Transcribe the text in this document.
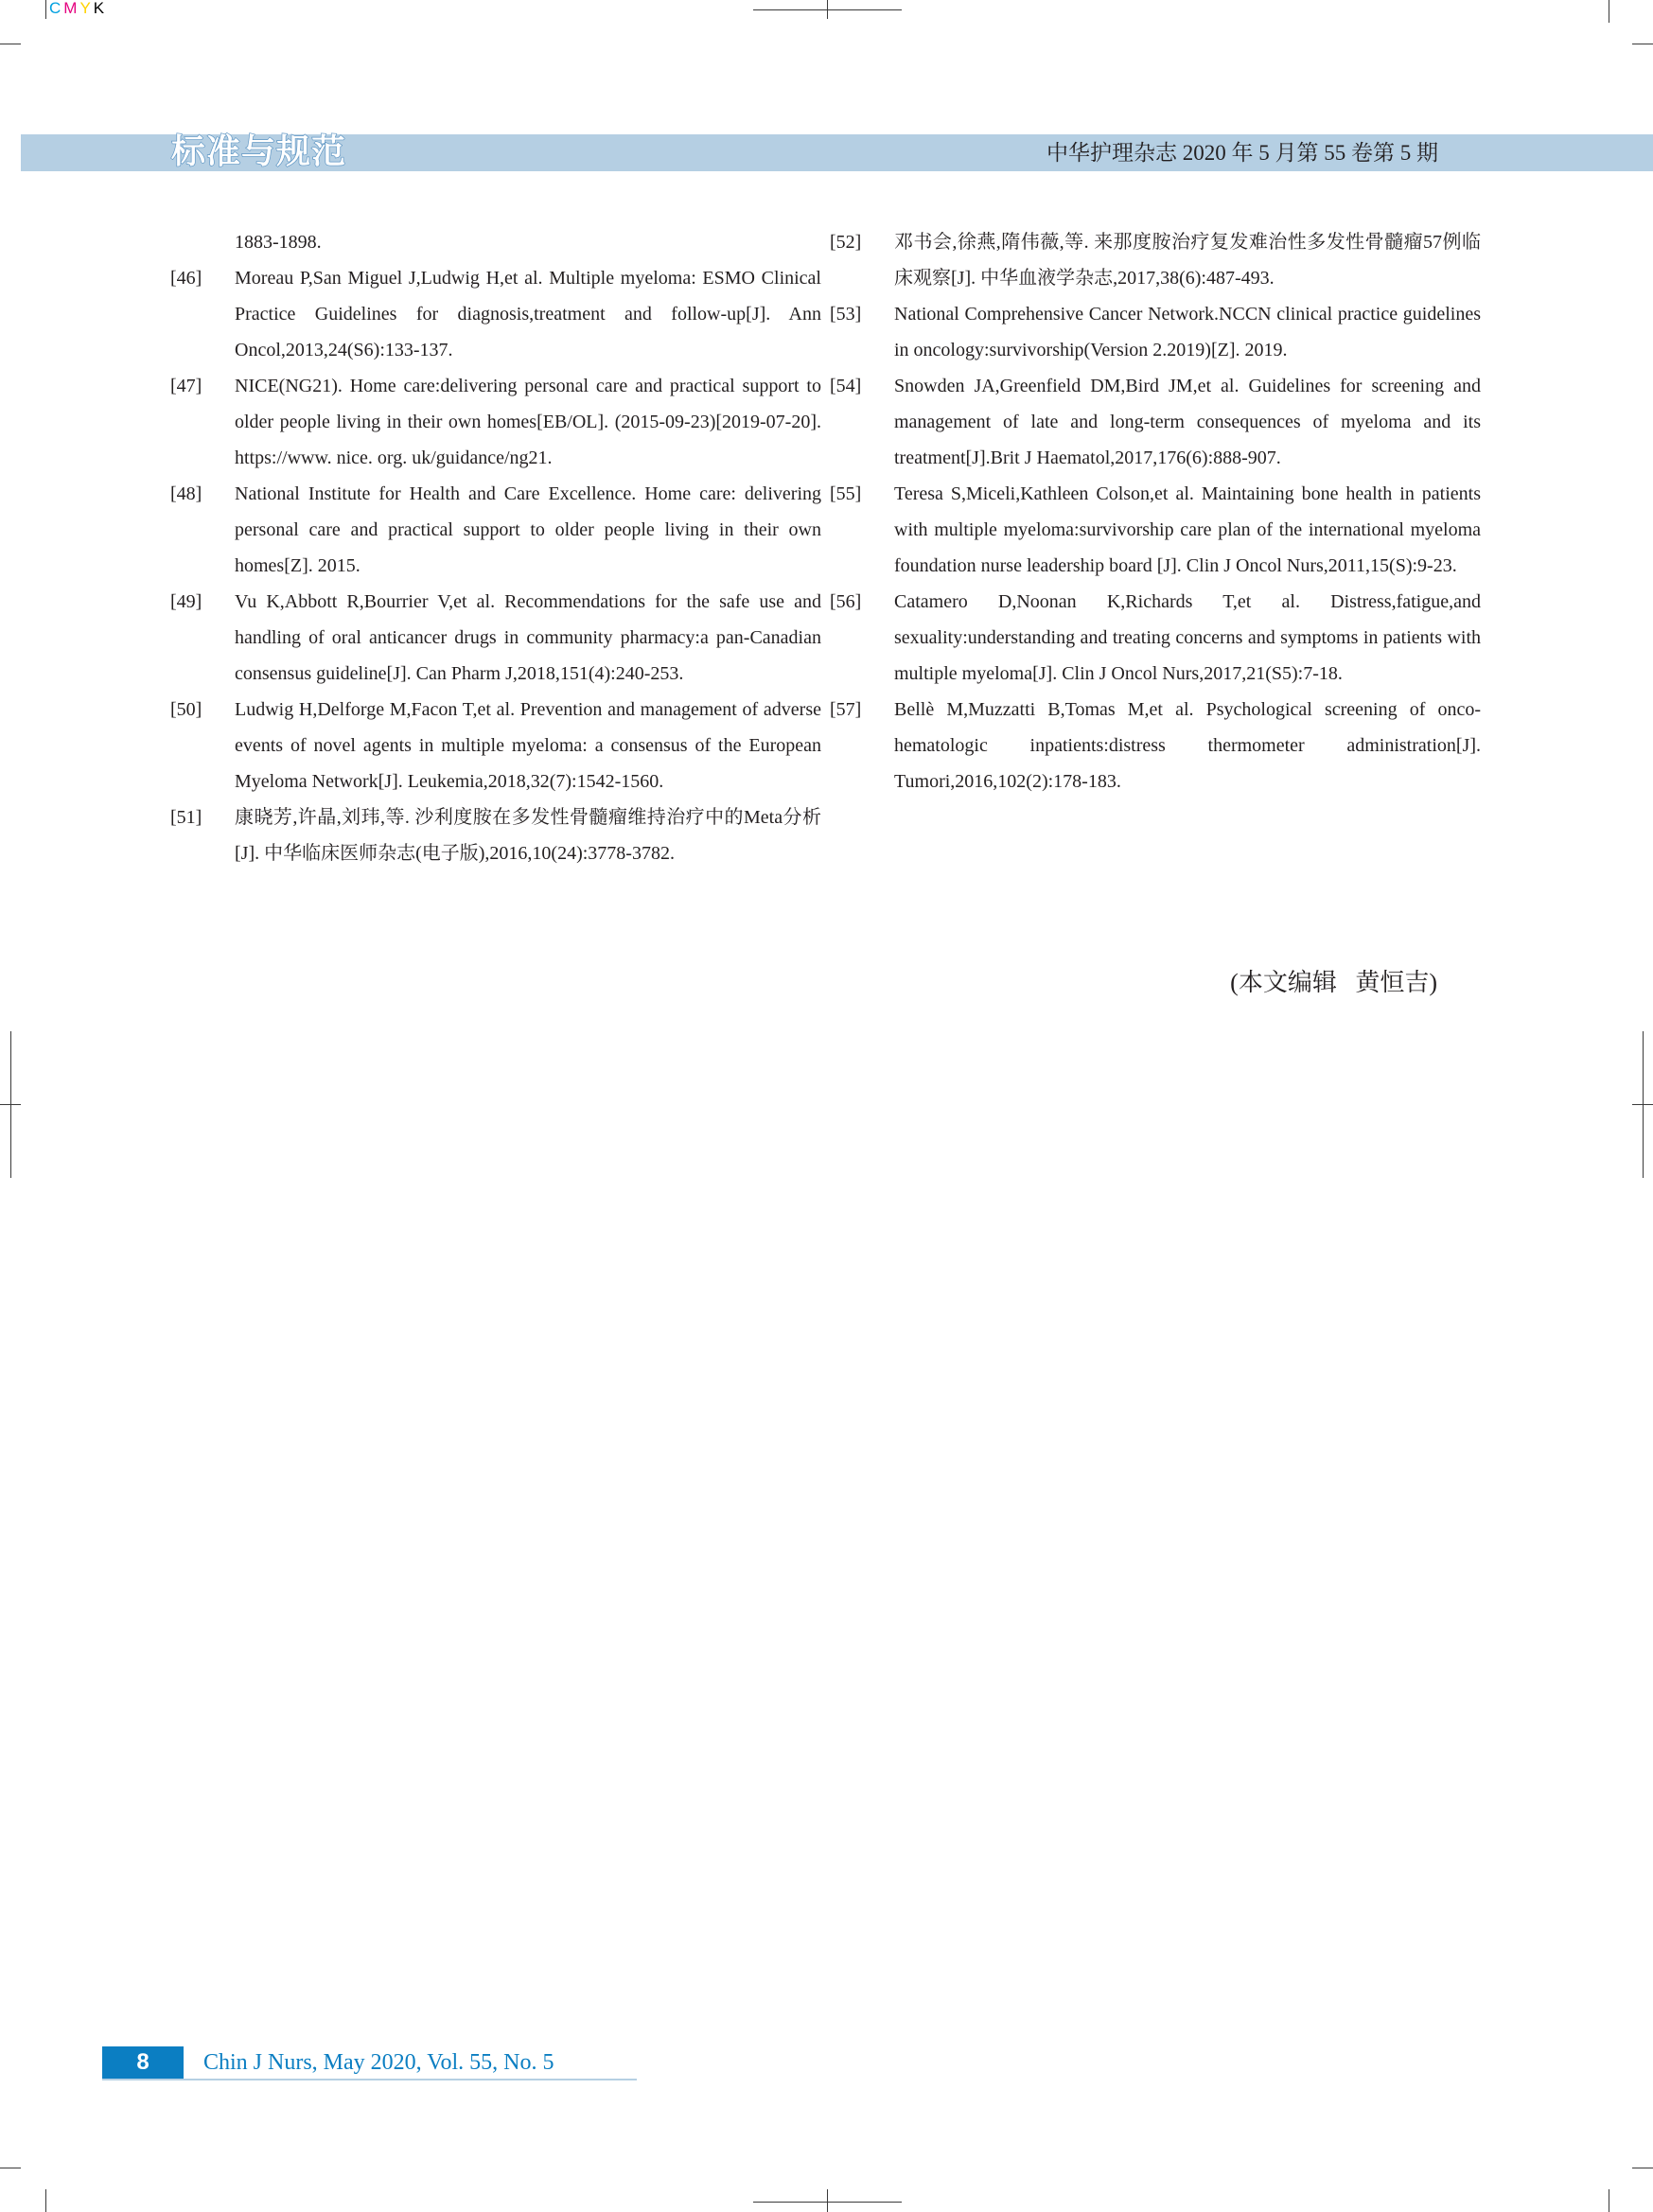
CMYK
标准与规范	中华护理杂志 2020 年 5 月第 55 卷第 5 期
1883-1898.
[46]	Moreau P,San Miguel J,Ludwig H,et al. Multiple myeloma: ESMO Clinical Practice Guidelines for diagnosis,treatment and follow-up[J]. Ann Oncol,2013,24(S6):133-137.
[47]	NICE(NG21). Home care:delivering personal care and practical support to older people living in their own homes[EB/OL]. (2015-09-23)[2019-07-20]. https://www. nice. org. uk/guidance/ng21.
[48]	National Institute for Health and Care Excellence. Home care: delivering personal care and practical support to older people living in their own homes[Z]. 2015.
[49]	Vu K,Abbott R,Bourrier V,et al. Recommendations for the safe use and handling of oral anticancer drugs in community pharmacy:a pan-Canadian consensus guideline[J]. Can Pharm J,2018,151(4):240-253.
[50]	Ludwig H,Delforge M,Facon T,et al. Prevention and management of adverse events of novel agents in multiple myeloma: a consensus of the European Myeloma Network[J]. Leukemia,2018,32(7):1542-1560.
[51]	康晓芳,许晶,刘玮,等. 沙利度胺在多发性骨髓瘤维持治疗中的Meta分析[J]. 中华临床医师杂志(电子版),2016,10(24):3778-3782.
[52]	邓书会,徐燕,隋伟薇,等. 来那度胺治疗复发难治性多发性骨髓瘤57例临床观察[J]. 中华血液学杂志,2017,38(6):487-493.
[53]	National Comprehensive Cancer Network.NCCN clinical practice guidelines in oncology:survivorship(Version 2.2019)[Z]. 2019.
[54]	Snowden JA,Greenfield DM,Bird JM,et al. Guidelines for screening and management of late and long-term consequences of myeloma and its treatment[J].Brit J Haematol,2017,176(6):888-907.
[55]	Teresa S,Miceli,Kathleen Colson,et al. Maintaining bone health in patients with multiple myeloma:survivorship care plan of the international myeloma foundation nurse leadership board [J]. Clin J Oncol Nurs,2011,15(S):9-23.
[56]	Catamero D,Noonan K,Richards T,et al. Distress,fatigue,and sexuality:understanding and treating concerns and symptoms in patients with multiple myeloma[J]. Clin J Oncol Nurs,2017,21(S5):7-18.
[57]	Bellè M,Muzzatti B,Tomas M,et al. Psychological screening of onco-hematologic inpatients:distress thermometer administration[J]. Tumori,2016,102(2):178-183.
(本文编辑   黄恒吉)
8	Chin J Nurs, May 2020, Vol. 55, No. 5
